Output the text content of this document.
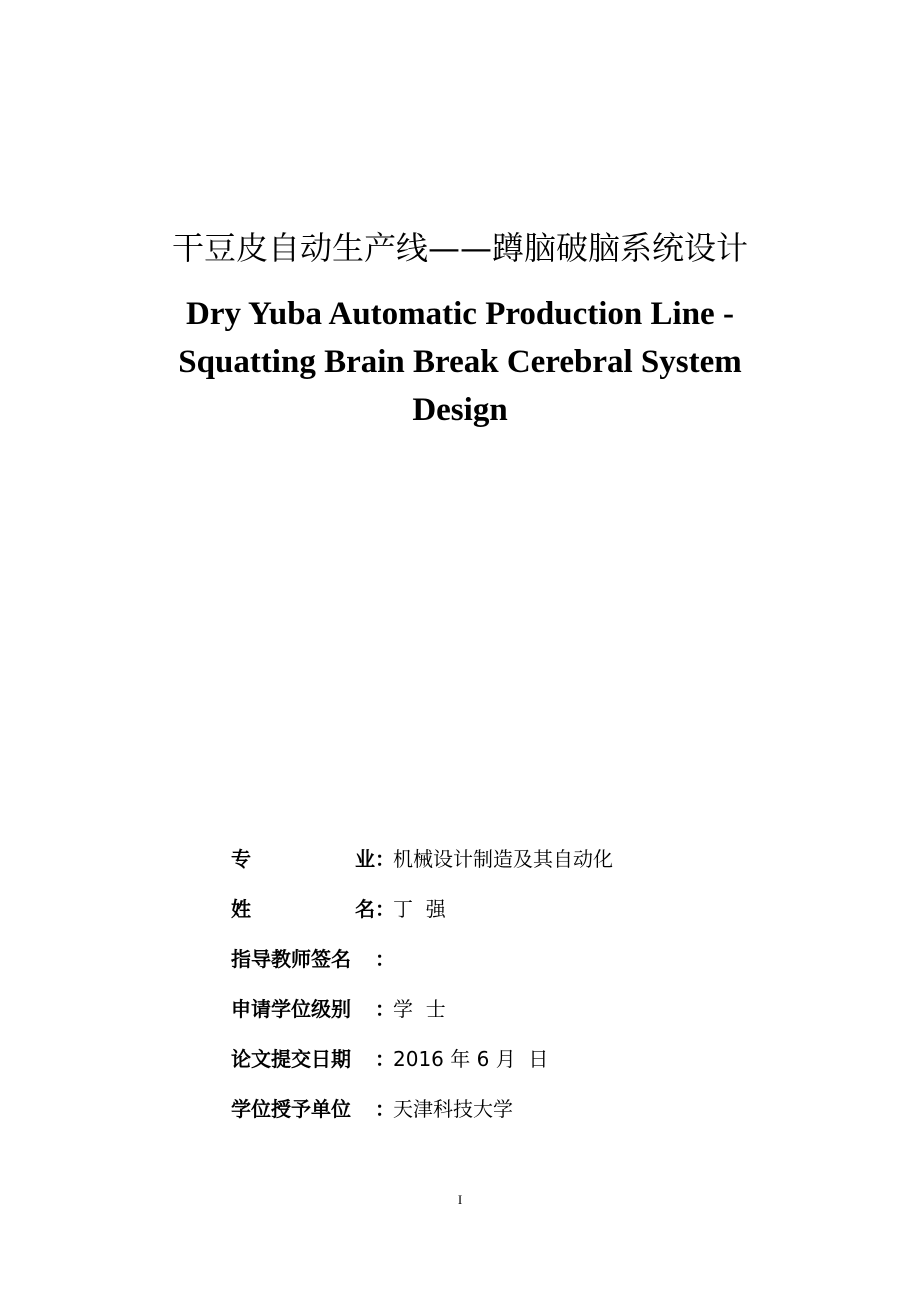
干豆皮自动生产线——蹲脑破脑系统设计
Dry Yuba Automatic Production Line -
Squatting Brain Break Cerebral System
Design
专	业 ：
机械设计制造及其自动化
姓	名 ：
丁  强
指导教师签名	：
申请学位级别	：
学  士
论文提交日期	：
2016 年 6 月  日
学位授予单位	：
天津科技大学
I
